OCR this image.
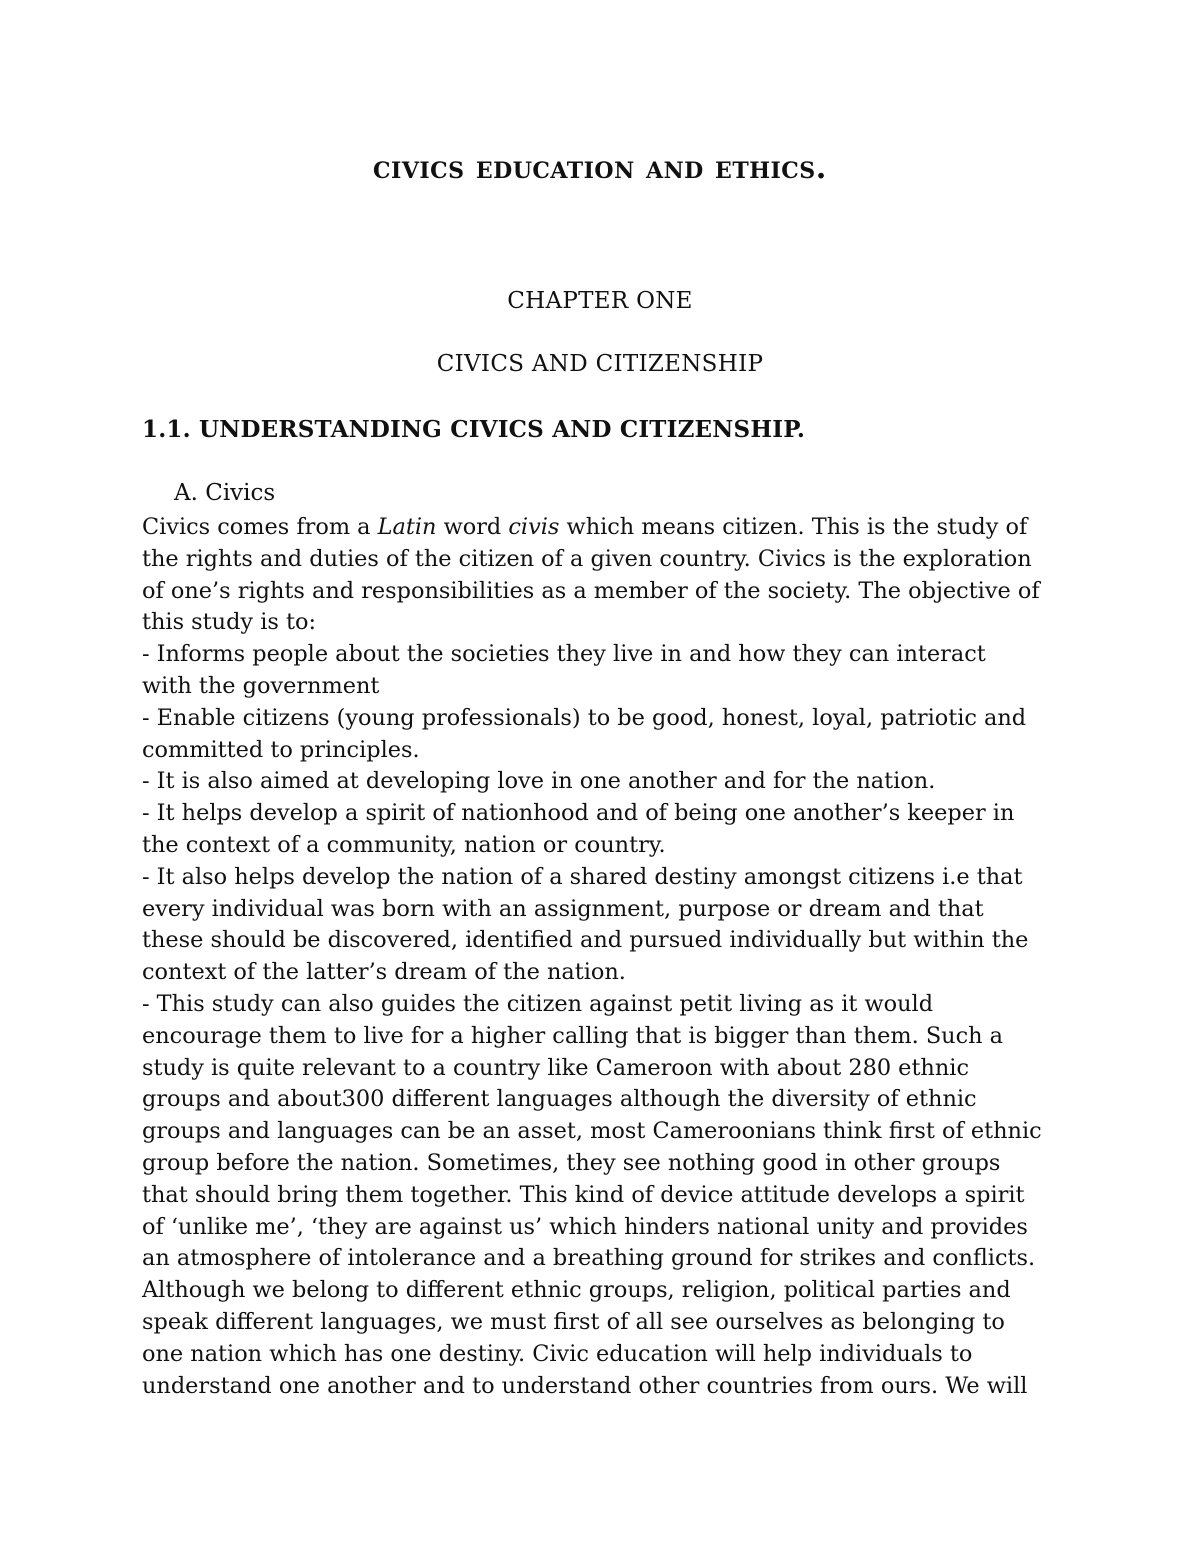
civics education and ethics.
CHAPTER ONE
CIVICS AND CITIZENSHIP
1.1. UNDERSTANDING CIVICS AND CITIZENSHIP.
A. Civics
Civics comes from a Latin word civis which means citizen. This is the study of
the rights and duties of the citizen of a given country. Civics is the exploration
of one’s rights and responsibilities as a member of the society. The objective of
this study is to:
- Informs people about the societies they live in and how they can interact
with the government
- Enable citizens (young professionals) to be good, honest, loyal, patriotic and
committed to principles.
- It is also aimed at developing love in one another and for the nation.
- It helps develop a spirit of nationhood and of being one another’s keeper in
the context of a community, nation or country.
- It also helps develop the nation of a shared destiny amongst citizens i.e that
every individual was born with an assignment, purpose or dream and that
these should be discovered, identified and pursued individually but within the
context of the latter’s dream of the nation.
- This study can also guides the citizen against petit living as it would
encourage them to live for a higher calling that is bigger than them. Such a
study is quite relevant to a country like Cameroon with about 280 ethnic
groups and about300 different languages although the diversity of ethnic
groups and languages can be an asset, most Cameroonians think first of ethnic
group before the nation. Sometimes, they see nothing good in other groups
that should bring them together. This kind of device attitude develops a spirit
of ‘unlike me’, ‘they are against us’ which hinders national unity and provides
an atmosphere of intolerance and a breathing ground for strikes and conflicts.
Although we belong to different ethnic groups, religion, political parties and
speak different languages, we must first of all see ourselves as belonging to
one nation which has one destiny. Civic education will help individuals to
understand one another and to understand other countries from ours. We will
